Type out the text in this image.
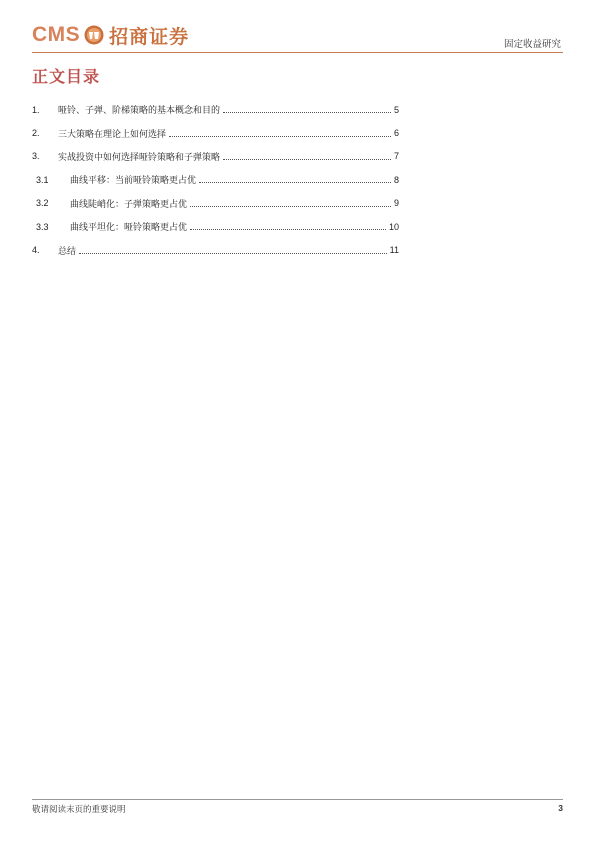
CMS 招商证券	固定收益研究
正文目录
1.	哑铃、子弹、阶梯策略的基本概念和目的	5
2.	三大策略在理论上如何选择	6
3.	实战投资中如何选择哑铃策略和子弹策略	7
3.1	曲线平移：当前哑铃策略更占优	8
3.2	曲线陡峭化：子弹策略更占优	9
3.3	曲线平坦化：哑铃策略更占优	10
4.	总结	11
敬请阅读末页的重要说明	3
